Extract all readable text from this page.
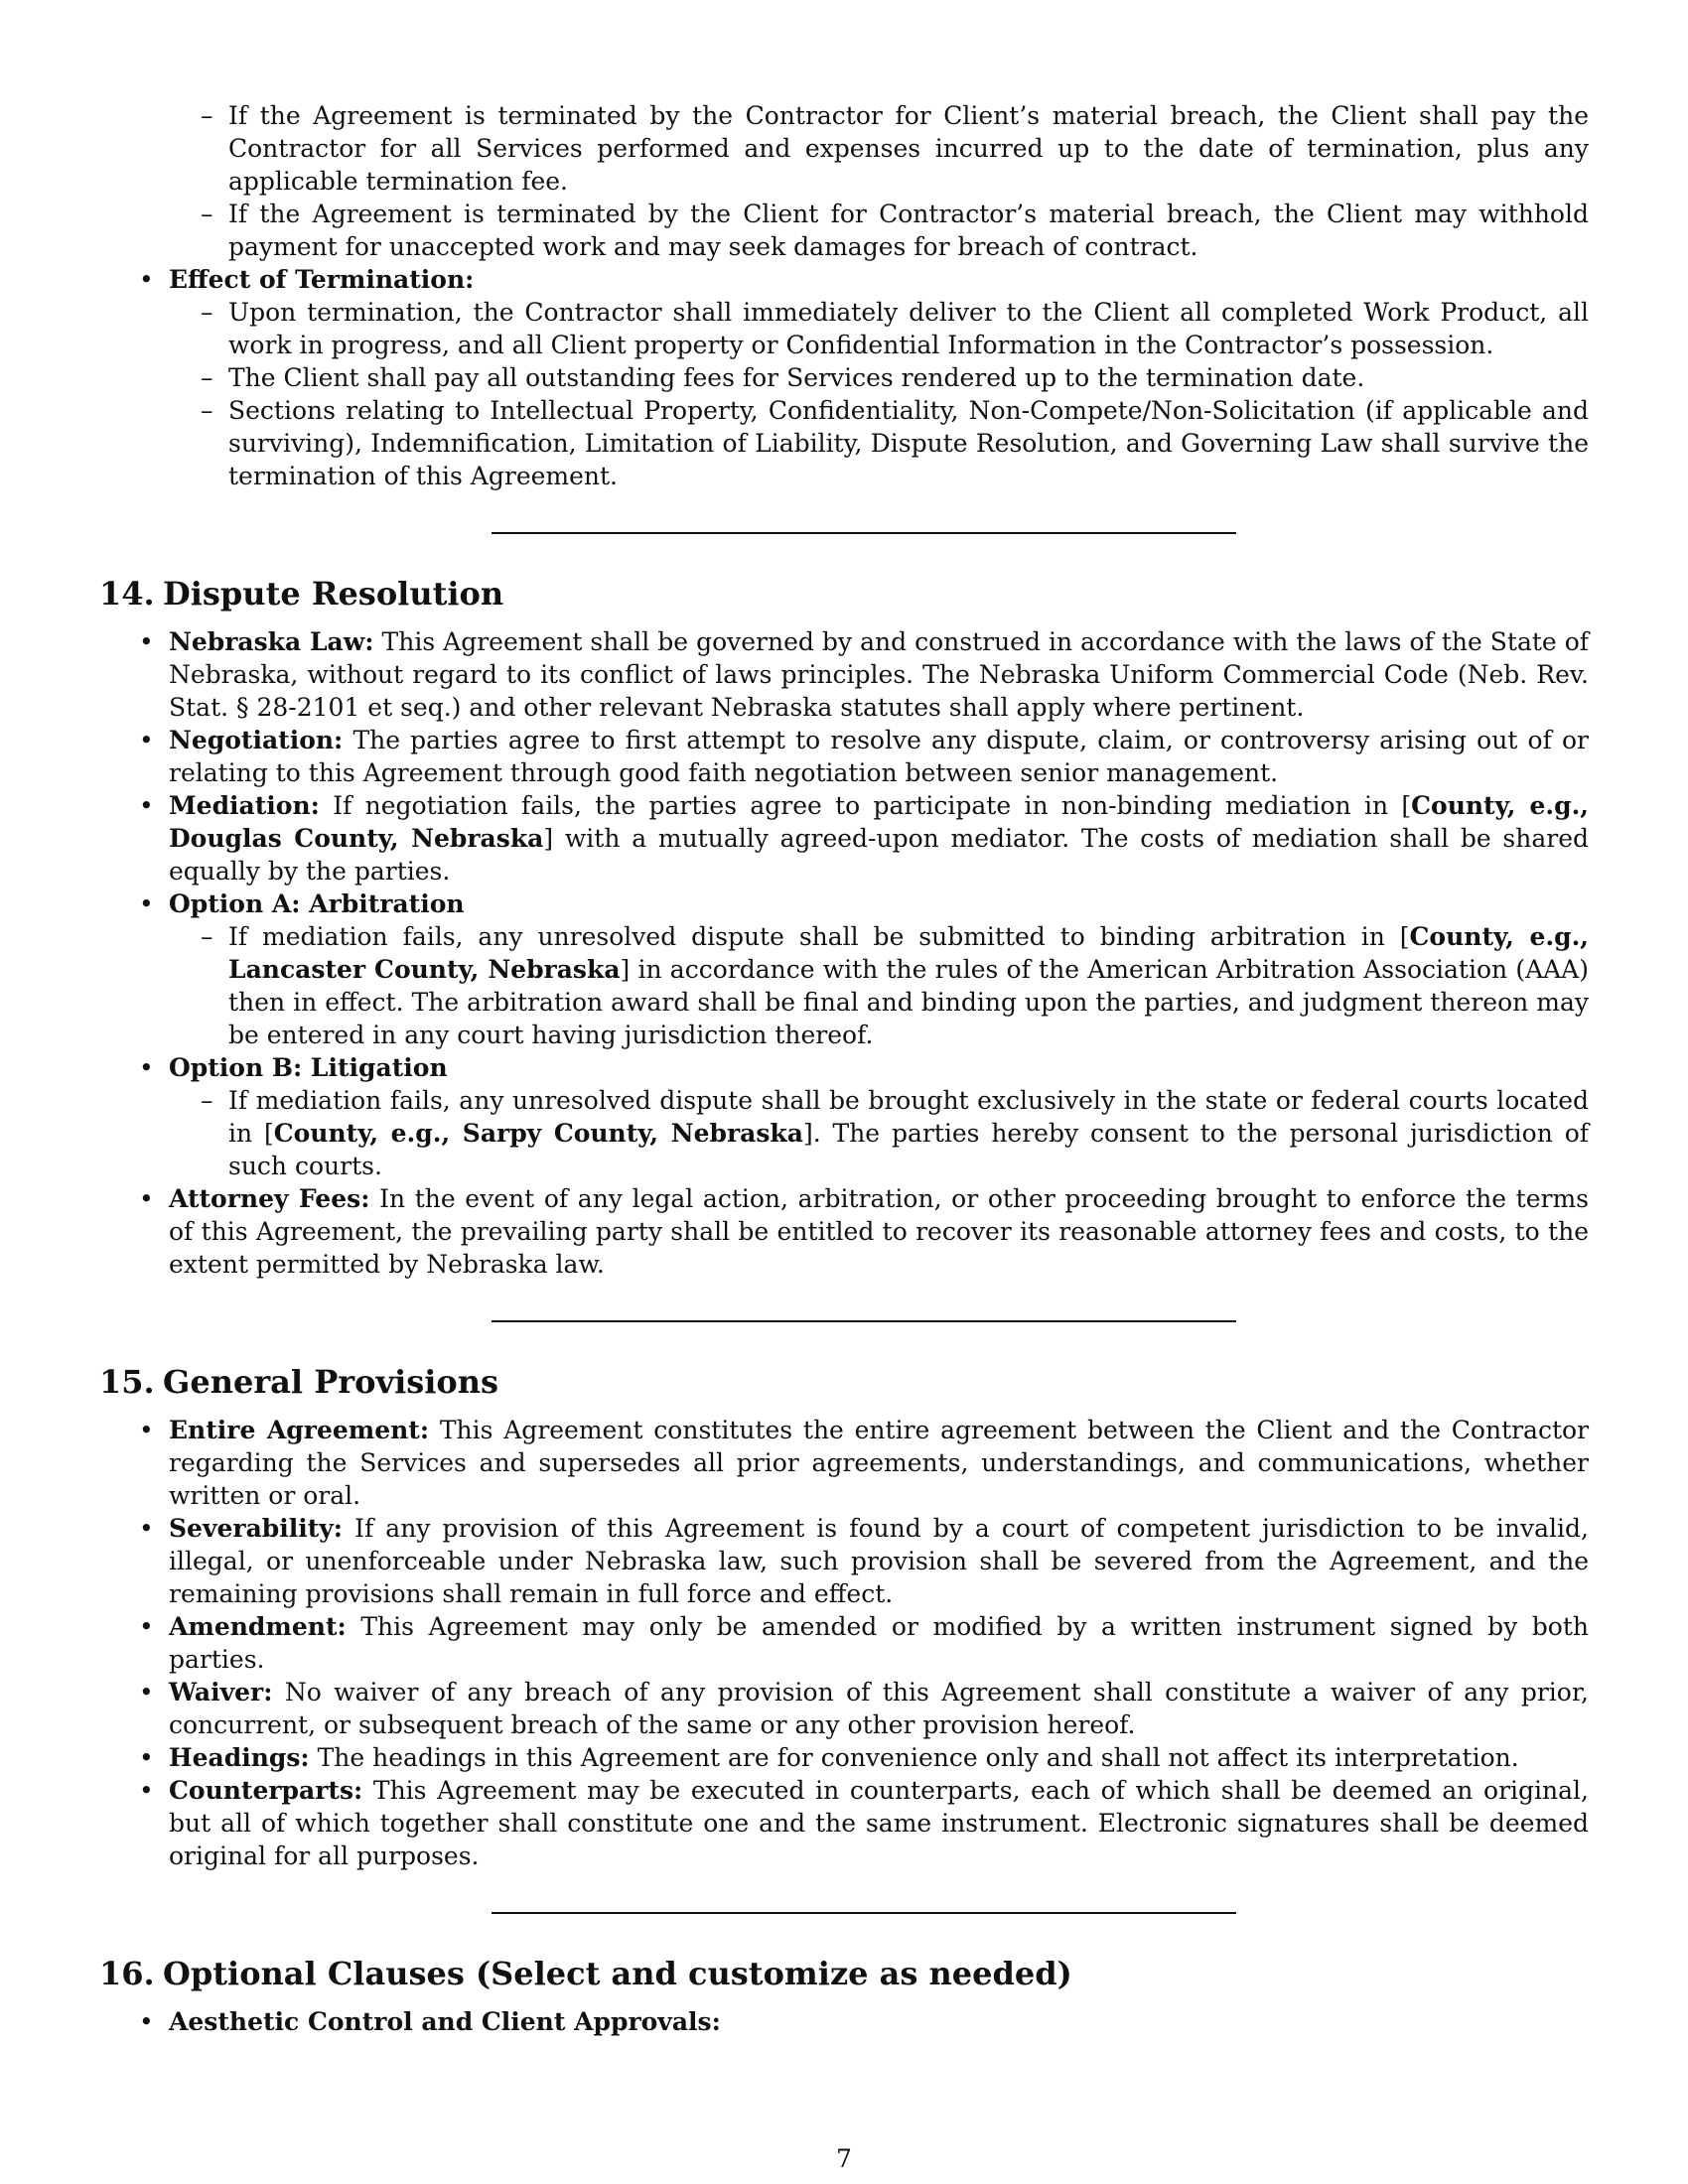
– If the Agreement is terminated by the Contractor for Client’s material breach, the Client shall pay the Contractor for all Services performed and expenses incurred up to the date of termination, plus any applicable termination fee.
– If the Agreement is terminated by the Client for Contractor’s material breach, the Client may withhold payment for unaccepted work and may seek damages for breach of contract.
• Effect of Termination:
– Upon termination, the Contractor shall immediately deliver to the Client all completed Work Product, all work in progress, and all Client property or Confidential Information in the Contractor’s possession.
– The Client shall pay all outstanding fees for Services rendered up to the termination date.
– Sections relating to Intellectual Property, Confidentiality, Non-Compete/Non-Solicitation (if applicable and surviving), Indemnification, Limitation of Liability, Dispute Resolution, and Governing Law shall survive the termination of this Agreement.
14. Dispute Resolution
• Nebraska Law: This Agreement shall be governed by and construed in accordance with the laws of the State of Nebraska, without regard to its conflict of laws principles. The Nebraska Uniform Commercial Code (Neb. Rev. Stat. § 28-2101 et seq.) and other relevant Nebraska statutes shall apply where pertinent.
• Negotiation: The parties agree to first attempt to resolve any dispute, claim, or controversy arising out of or relating to this Agreement through good faith negotiation between senior management.
• Mediation: If negotiation fails, the parties agree to participate in non-binding mediation in [County, e.g., Douglas County, Nebraska] with a mutually agreed-upon mediator. The costs of mediation shall be shared equally by the parties.
• Option A: Arbitration
– If mediation fails, any unresolved dispute shall be submitted to binding arbitration in [County, e.g., Lancaster County, Nebraska] in accordance with the rules of the American Arbitration Association (AAA) then in effect. The arbitration award shall be final and binding upon the parties, and judgment thereon may be entered in any court having jurisdiction thereof.
• Option B: Litigation
– If mediation fails, any unresolved dispute shall be brought exclusively in the state or federal courts located in [County, e.g., Sarpy County, Nebraska]. The parties hereby consent to the personal jurisdiction of such courts.
• Attorney Fees: In the event of any legal action, arbitration, or other proceeding brought to enforce the terms of this Agreement, the prevailing party shall be entitled to recover its reasonable attorney fees and costs, to the extent permitted by Nebraska law.
15. General Provisions
• Entire Agreement: This Agreement constitutes the entire agreement between the Client and the Contractor regarding the Services and supersedes all prior agreements, understandings, and communications, whether written or oral.
• Severability: If any provision of this Agreement is found by a court of competent jurisdiction to be invalid, illegal, or unenforceable under Nebraska law, such provision shall be severed from the Agreement, and the remaining provisions shall remain in full force and effect.
• Amendment: This Agreement may only be amended or modified by a written instrument signed by both parties.
• Waiver: No waiver of any breach of any provision of this Agreement shall constitute a waiver of any prior, concurrent, or subsequent breach of the same or any other provision hereof.
• Headings: The headings in this Agreement are for convenience only and shall not affect its interpretation.
• Counterparts: This Agreement may be executed in counterparts, each of which shall be deemed an original, but all of which together shall constitute one and the same instrument. Electronic signatures shall be deemed original for all purposes.
16. Optional Clauses (Select and customize as needed)
• Aesthetic Control and Client Approvals:
7
